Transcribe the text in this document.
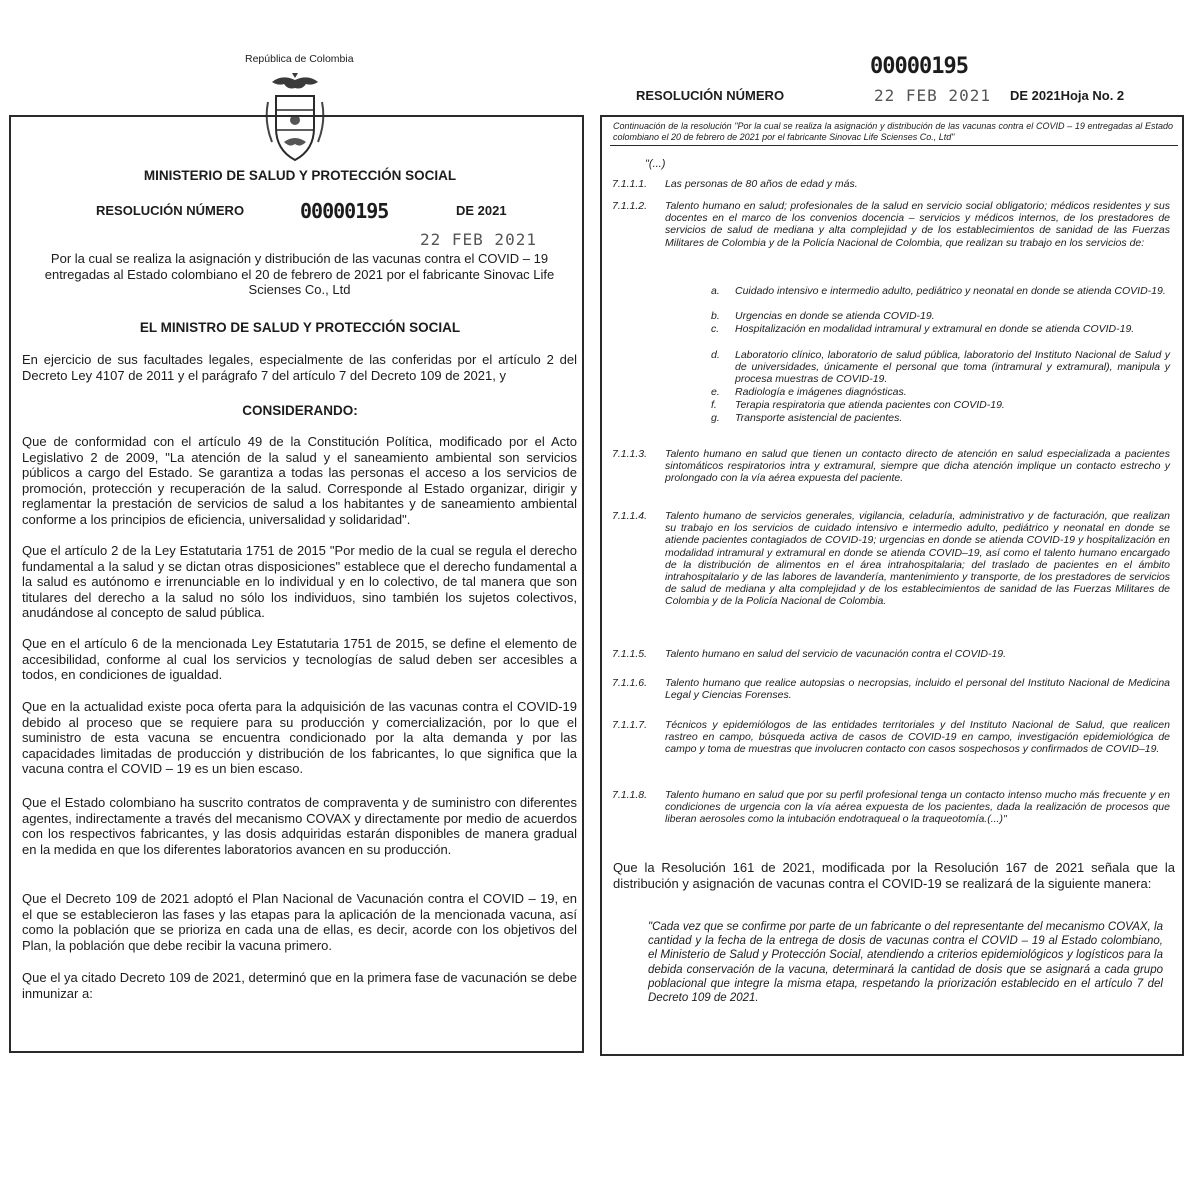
República de Colombia
MINISTERIO DE SALUD Y PROTECCIÓN SOCIAL
RESOLUCIÓN NÚMERO	00000195	DE 2021
22 FEB 2021
Por la cual se realiza la asignación y distribución de las vacunas contra el COVID – 19 entregadas al Estado colombiano el 20 de febrero de 2021 por el fabricante Sinovac Life Scienses Co., Ltd
EL MINISTRO DE SALUD Y PROTECCIÓN SOCIAL
En ejercicio de sus facultades legales, especialmente de las conferidas por el artículo 2 del Decreto Ley 4107 de 2011 y el parágrafo 7 del artículo 7 del Decreto 109 de 2021, y
CONSIDERANDO:

Que de conformidad con el artículo 49 de la Constitución Política, modificado por el Acto Legislativo 2 de 2009, "La atención de la salud y el saneamiento ambiental son servicios públicos a cargo del Estado. Se garantiza a todas las personas el acceso a los servicios de promoción, protección y recuperación de la salud. Corresponde al Estado organizar, dirigir y reglamentar la prestación de servicios de salud a los habitantes y de saneamiento ambiental conforme a los principios de eficiencia, universalidad y solidaridad".

Que el artículo 2 de la Ley Estatutaria 1751 de 2015 "Por medio de la cual se regula el derecho fundamental a la salud y se dictan otras disposiciones" establece que el derecho fundamental a la salud es autónomo e irrenunciable en lo individual y en lo colectivo, de tal manera que son titulares del derecho a la salud no sólo los individuos, sino también los sujetos colectivos, anudándose al concepto de salud pública.

Que en el artículo 6 de la mencionada Ley Estatutaria 1751 de 2015, se define el elemento de accesibilidad, conforme al cual los servicios y tecnologías de salud deben ser accesibles a todos, en condiciones de igualdad.

Que en la actualidad existe poca oferta para la adquisición de las vacunas contra el COVID-19 debido al proceso que se requiere para su producción y comercialización, por lo que el suministro de esta vacuna se encuentra condicionado por la alta demanda y por las capacidades limitadas de producción y distribución de los fabricantes, lo que significa que la vacuna contra el COVID – 19 es un bien escaso.

Que el Estado colombiano ha suscrito contratos de compraventa y de suministro con diferentes agentes, indirectamente a través del mecanismo COVAX y directamente por medio de acuerdos con los respectivos fabricantes, y las dosis adquiridas estarán disponibles de manera gradual en la medida en que los diferentes laboratorios avancen en su producción.

Que el Decreto 109 de 2021 adoptó el Plan Nacional de Vacunación contra el COVID – 19, en el que se establecieron las fases y las etapas para la aplicación de la mencionada vacuna, así como la población que se prioriza en cada una de ellas, es decir, acorde con los objetivos del Plan, la población que debe recibir la vacuna primero.

Que el ya citado Decreto 109 de 2021, determinó que en la primera fase de vacunación se debe inmunizar a:

00000195
RESOLUCIÓN NÚMERO	22 FEB 2021 DE 2021Hoja No. 2
Continuación de la resolución "Por la cual se realiza la asignación y distribución de las vacunas contra el COVID – 19 entregadas al Estado colombiano el 20 de febrero de 2021 por el fabricante Sinovac Life Scienses Co., Ltd"
"(...)
7.1.1.1.	Las personas de 80 años de edad y más.

7.1.1.2.	Talento humano en salud; profesionales de la salud en servicio social obligatorio; médicos residentes y sus docentes en el marco de los convenios docencia – servicios y médicos internos, de los prestadores de servicios de salud de mediana y alta complejidad y de los establecimientos de sanidad de las Fuerzas Militares de Colombia y de la Policía Nacional de Colombia, que realizan su trabajo en los servicios de:

a.	Cuidado intensivo e intermedio adulto, pediátrico y neonatal en donde se atienda COVID-19.

b.	Urgencias en donde se atienda COVID-19.

c.	Hospitalización en modalidad intramural y extramural en donde se atienda COVID-19.

d.	Laboratorio clínico, laboratorio de salud pública, laboratorio del Instituto Nacional de Salud y de universidades, únicamente el personal que toma (intramural y extramural), manipula y procesa muestras de COVID-19.

e.	Radiología e imágenes diagnósticas.

f.	Terapia respiratoria que atienda pacientes con COVID-19.

g.	Transporte asistencial de pacientes.

7.1.1.3.	Talento humano en salud que tienen un contacto directo de atención en salud especializada a pacientes sintomáticos respiratorios intra y extramural, siempre que dicha atención implique un contacto estrecho y prolongado con la vía aérea expuesta del paciente.

7.1.1.4.	Talento humano de servicios generales, vigilancia, celaduría, administrativo y de facturación, que realizan su trabajo en los servicios de cuidado intensivo e intermedio adulto, pediátrico y neonatal en donde se atiende pacientes contagiados de COVID-19; urgencias en donde se atienda COVID-19 y hospitalización en modalidad intramural y extramural en donde se atienda COVID–19, así como el talento humano encargado de la distribución de alimentos en el área intrahospitalaria; del traslado de pacientes en el ámbito intrahospitalario y de las labores de lavandería, mantenimiento y transporte, de los prestadores de servicios de salud de mediana y alta complejidad y de los establecimientos de sanidad de las Fuerzas Militares de Colombia y de la Policía Nacional de Colombia.

7.1.1.5.	Talento humano en salud del servicio de vacunación contra el COVID-19.

7.1.1.6.	Talento humano que realice autopsias o necropsias, incluido el personal del Instituto Nacional de Medicina Legal y Ciencias Forenses.

7.1.1.7.	Técnicos y epidemiólogos de las entidades territoriales y del Instituto Nacional de Salud, que realicen rastreo en campo, búsqueda activa de casos de COVID-19 en campo, investigación epidemiológica de campo y toma de muestras que involucren contacto con casos sospechosos y confirmados de COVID–19.

7.1.1.8.	Talento humano en salud que por su perfil profesional tenga un contacto intenso mucho más frecuente y en condiciones de urgencia con la vía aérea expuesta de los pacientes, dada la realización de procesos que liberan aerosoles como la intubación endotraqueal o la traqueotomía.(...)"

Que la Resolución 161 de 2021, modificada por la Resolución 167 de 2021 señala que la distribución y asignación de vacunas contra el COVID-19 se realizará de la siguiente manera:

"Cada vez que se confirme por parte de un fabricante o del representante del mecanismo COVAX, la cantidad y la fecha de la entrega de dosis de vacunas contra el COVID – 19 al Estado colombiano, el Ministerio de Salud y Protección Social, atendiendo a criterios epidemiológicos y logísticos para la debida conservación de la vacuna, determinará la cantidad de dosis que se asignará a cada grupo poblacional que integre la misma etapa, respetando la priorización establecido en el artículo 7 del Decreto 109 de 2021.
